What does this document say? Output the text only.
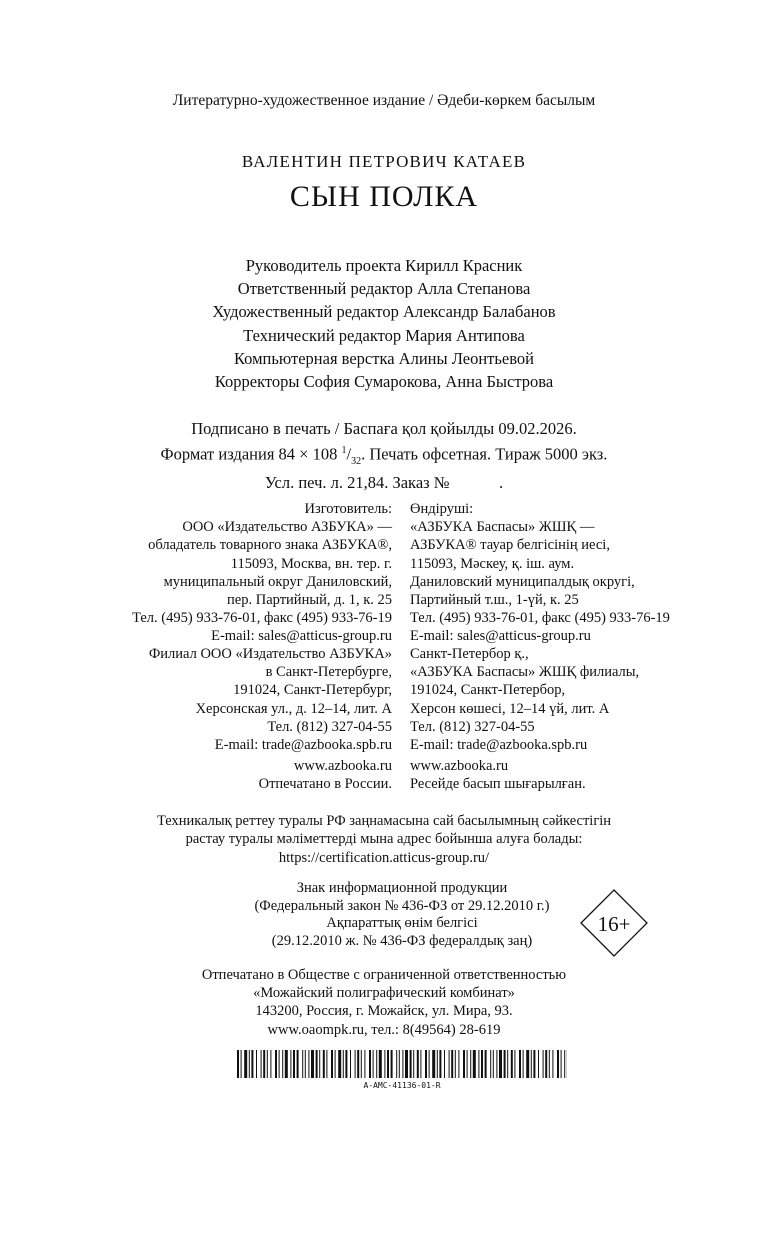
Литературно-художественное издание / Әдеби-көркем басылым
ВАЛЕНТИН ПЕТРОВИЧ КАТАЕВ
СЫН ПОЛКА
Руководитель проекта Кирилл Красник
Ответственный редактор Алла Степанова
Художественный редактор Александр Балабанов
Технический редактор Мария Антипова
Компьютерная верстка Алины Леонтьевой
Корректоры София Сумарокова, Анна Быстрова
Подписано в печать / Баспаға қол қойылды 09.02.2026.
Формат издания 84 × 108 $^1/_{32}$. Печать офсетная. Тираж 5000 экз.
Усл. печ. л. 21,84. Заказ №            .
Изготовитель:
ООО «Издательство АЗБУКА» —
обладатель товарного знака АЗБУКА®,
115093, Москва, вн. тер. г.
муниципальный округ Даниловский,
пер. Партийный, д. 1, к. 25
Тел. (495) 933-76-01, факс (495) 933-76-19
E-mail: sales@atticus-group.ru
Өндіруші:
«АЗБУКА Баспасы» ЖШҚ —
АЗБУКА® тауар белгісінің иесі,
115093, Мәскеу, қ. іш. аум.
Даниловский муниципалдық округі,
Партийный т.ш., 1-үй, к. 25
Тел. (495) 933-76-01, факс (495) 933-76-19
E-mail: sales@atticus-group.ru
Филиал ООО «Издательство АЗБУКА»
в Санкт-Петербурге,
191024, Санкт-Петербург,
Херсонская ул., д. 12–14, лит. А
Тел. (812) 327-04-55
E-mail: trade@azbooka.spb.ru
Санкт-Петербор қ.,
«АЗБУКА Баспасы» ЖШҚ филиалы,
191024, Санкт-Петербор,
Херсон көшесі, 12–14 үй, лит. А
Тел. (812) 327-04-55
E-mail: trade@azbooka.spb.ru
www.azbooka.ru
Отпечатано в России.
www.azbooka.ru
Ресейде басып шығарылған.
Техникалық реттеу туралы РФ заңнамасына сай басылымның сәйкестігін
растау туралы мәліметтерді мына адрес бойынша алуға болады:
https://certification.atticus-group.ru/
Знак информационной продукции
(Федеральный закон № 436-ФЗ от 29.12.2010 г.)
Ақпараттық өнім белгісі
(29.12.2010 ж. № 436-ФЗ федералдық заң)
16+
Отпечатано в Обществе с ограниченной ответственностью
«Можайский полиграфический комбинат»
143200, Россия, г. Можайск, ул. Мира, 93.
www.oaompk.ru, тел.: 8(49564) 28-619
A-AMC-41136-01-R
